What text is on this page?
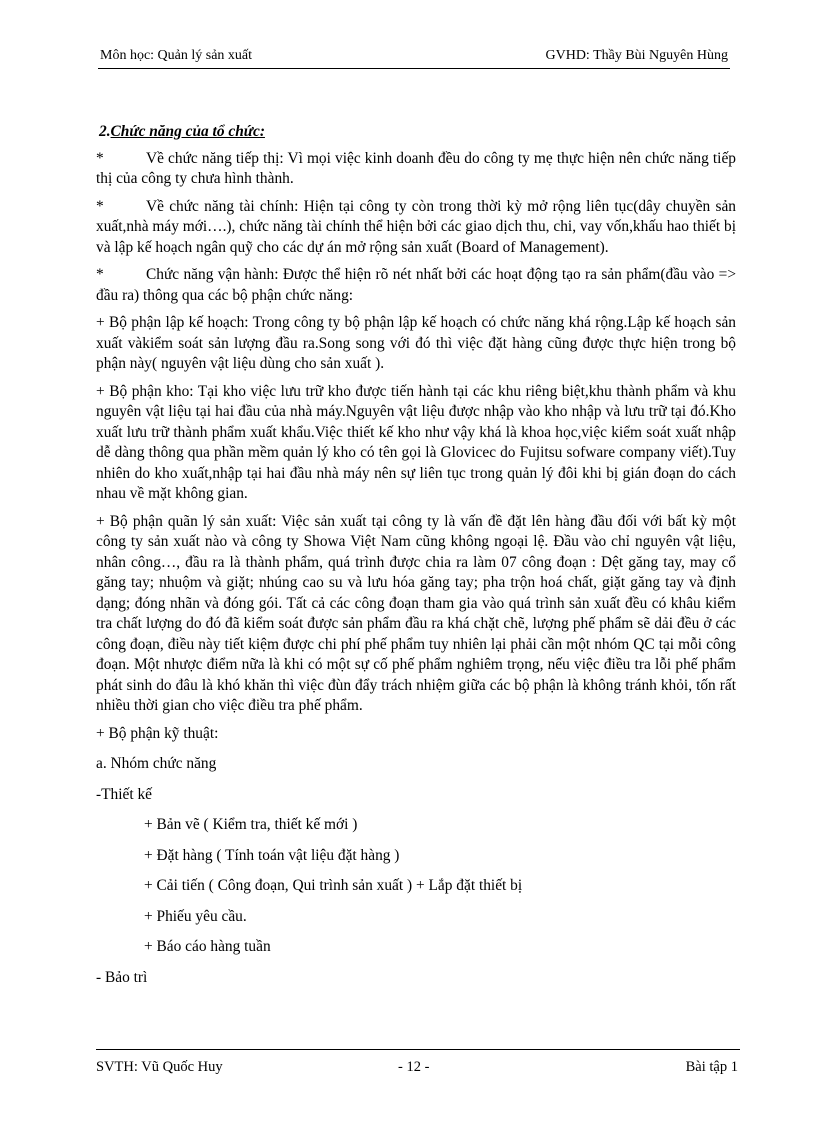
Môn học: Quản lý sản xuất	GVHD: Thầy Bùi Nguyên Hùng
2.Chức năng của tổ chức:
*	Về chức năng tiếp thị: Vì mọi việc kinh doanh đều do công ty mẹ thực hiện nên chức năng tiếp thị của công ty chưa hình thành.
*	Về chức năng tài chính: Hiện tại công ty còn trong thời kỳ mở rộng liên tục(dây chuyền sản xuất,nhà máy mới….), chức năng tài chính thể hiện bởi các giao dịch thu, chi, vay vốn,khấu hao thiết bị và lập kế hoạch ngân quỹ cho các dự án mở rộng sản xuất (Board of Management).
*	Chức năng vận hành: Được thể hiện rõ nét nhất bởi các hoạt động tạo ra sản phẩm(đầu vào => đầu ra) thông qua các bộ phận chức năng:
+ Bộ phận lập kế hoạch: Trong công ty bộ phận lập kế hoạch có chức năng khá rộng.Lập kế hoạch sản xuất vàkiểm soát sản lượng đầu ra.Song song với đó thì việc đặt hàng cũng được thực hiện trong bộ phận này( nguyên vật liệu dùng cho sản xuất ).
+ Bộ phận kho: Tại kho việc lưu trữ kho được tiến hành tại các khu riêng biệt,khu thành phẩm và khu nguyên vật liệu tại hai đầu của nhà máy.Nguyên vật liệu được nhập vào kho nhập và lưu trữ tại đó.Kho xuất lưu trữ thành phẩm xuất khẩu.Việc thiết kế kho như vậy khá là khoa học,việc kiểm soát xuất nhập dễ dàng thông qua phần mềm quản lý kho có tên gọi là Glovicec do Fujitsu sofware company viết).Tuy nhiên do kho xuất,nhập tại hai đầu nhà máy nên sự liên tục trong quản lý đôi khi bị gián đoạn do cách nhau về mặt không gian.
+ Bộ phận quãn lý sản xuất: Việc sản xuất tại công ty là vấn đề đặt lên hàng đầu đối với bất kỳ một công ty sản xuất nào và công ty Showa Việt Nam cũng không ngoại lệ. Đầu vào chỉ nguyên vật liệu, nhân công…, đầu ra là thành phẩm, quá trình được chia ra làm 07 công đoạn : Dệt găng tay, may cổ găng tay; nhuộm và giặt; nhúng cao su và lưu hóa găng tay; pha trộn hoá chất, giặt găng tay và định dạng; đóng nhãn và đóng gói. Tất cả các công đoạn tham gia vào quá trình sản xuất đều có khâu kiểm tra chất lượng do đó đã kiểm soát được sản phẩm đầu ra khá chặt chẽ, lượng phế phẩm sẽ dải đều ở các công đoạn, điều này tiết kiệm được chi phí phế phẩm tuy nhiên lại phải cần một nhóm QC tại mỗi công đoạn. Một nhược điểm nữa là khi có một sự cố phế phẩm nghiêm trọng, nếu việc điều tra lỗi phế phẩm phát sinh do đâu là khó khăn thì việc đùn đẩy trách nhiệm giữa các bộ phận là không tránh khỏi, tốn rất nhiều thời gian cho việc điều tra phế phẩm.
+ Bộ phận kỹ thuật:
a. Nhóm chức năng
-Thiết kế
+ Bản vẽ ( Kiểm tra, thiết kế mới )
+ Đặt hàng ( Tính toán vật liệu đặt hàng )
+ Cải tiến ( Công đoạn, Qui trình sản xuất ) + Lắp đặt thiết bị
+ Phiếu yêu cầu.
+ Báo cáo hàng tuần
- Bảo trì
SVTH: Vũ Quốc Huy	- 12 -	Bài tập 1
